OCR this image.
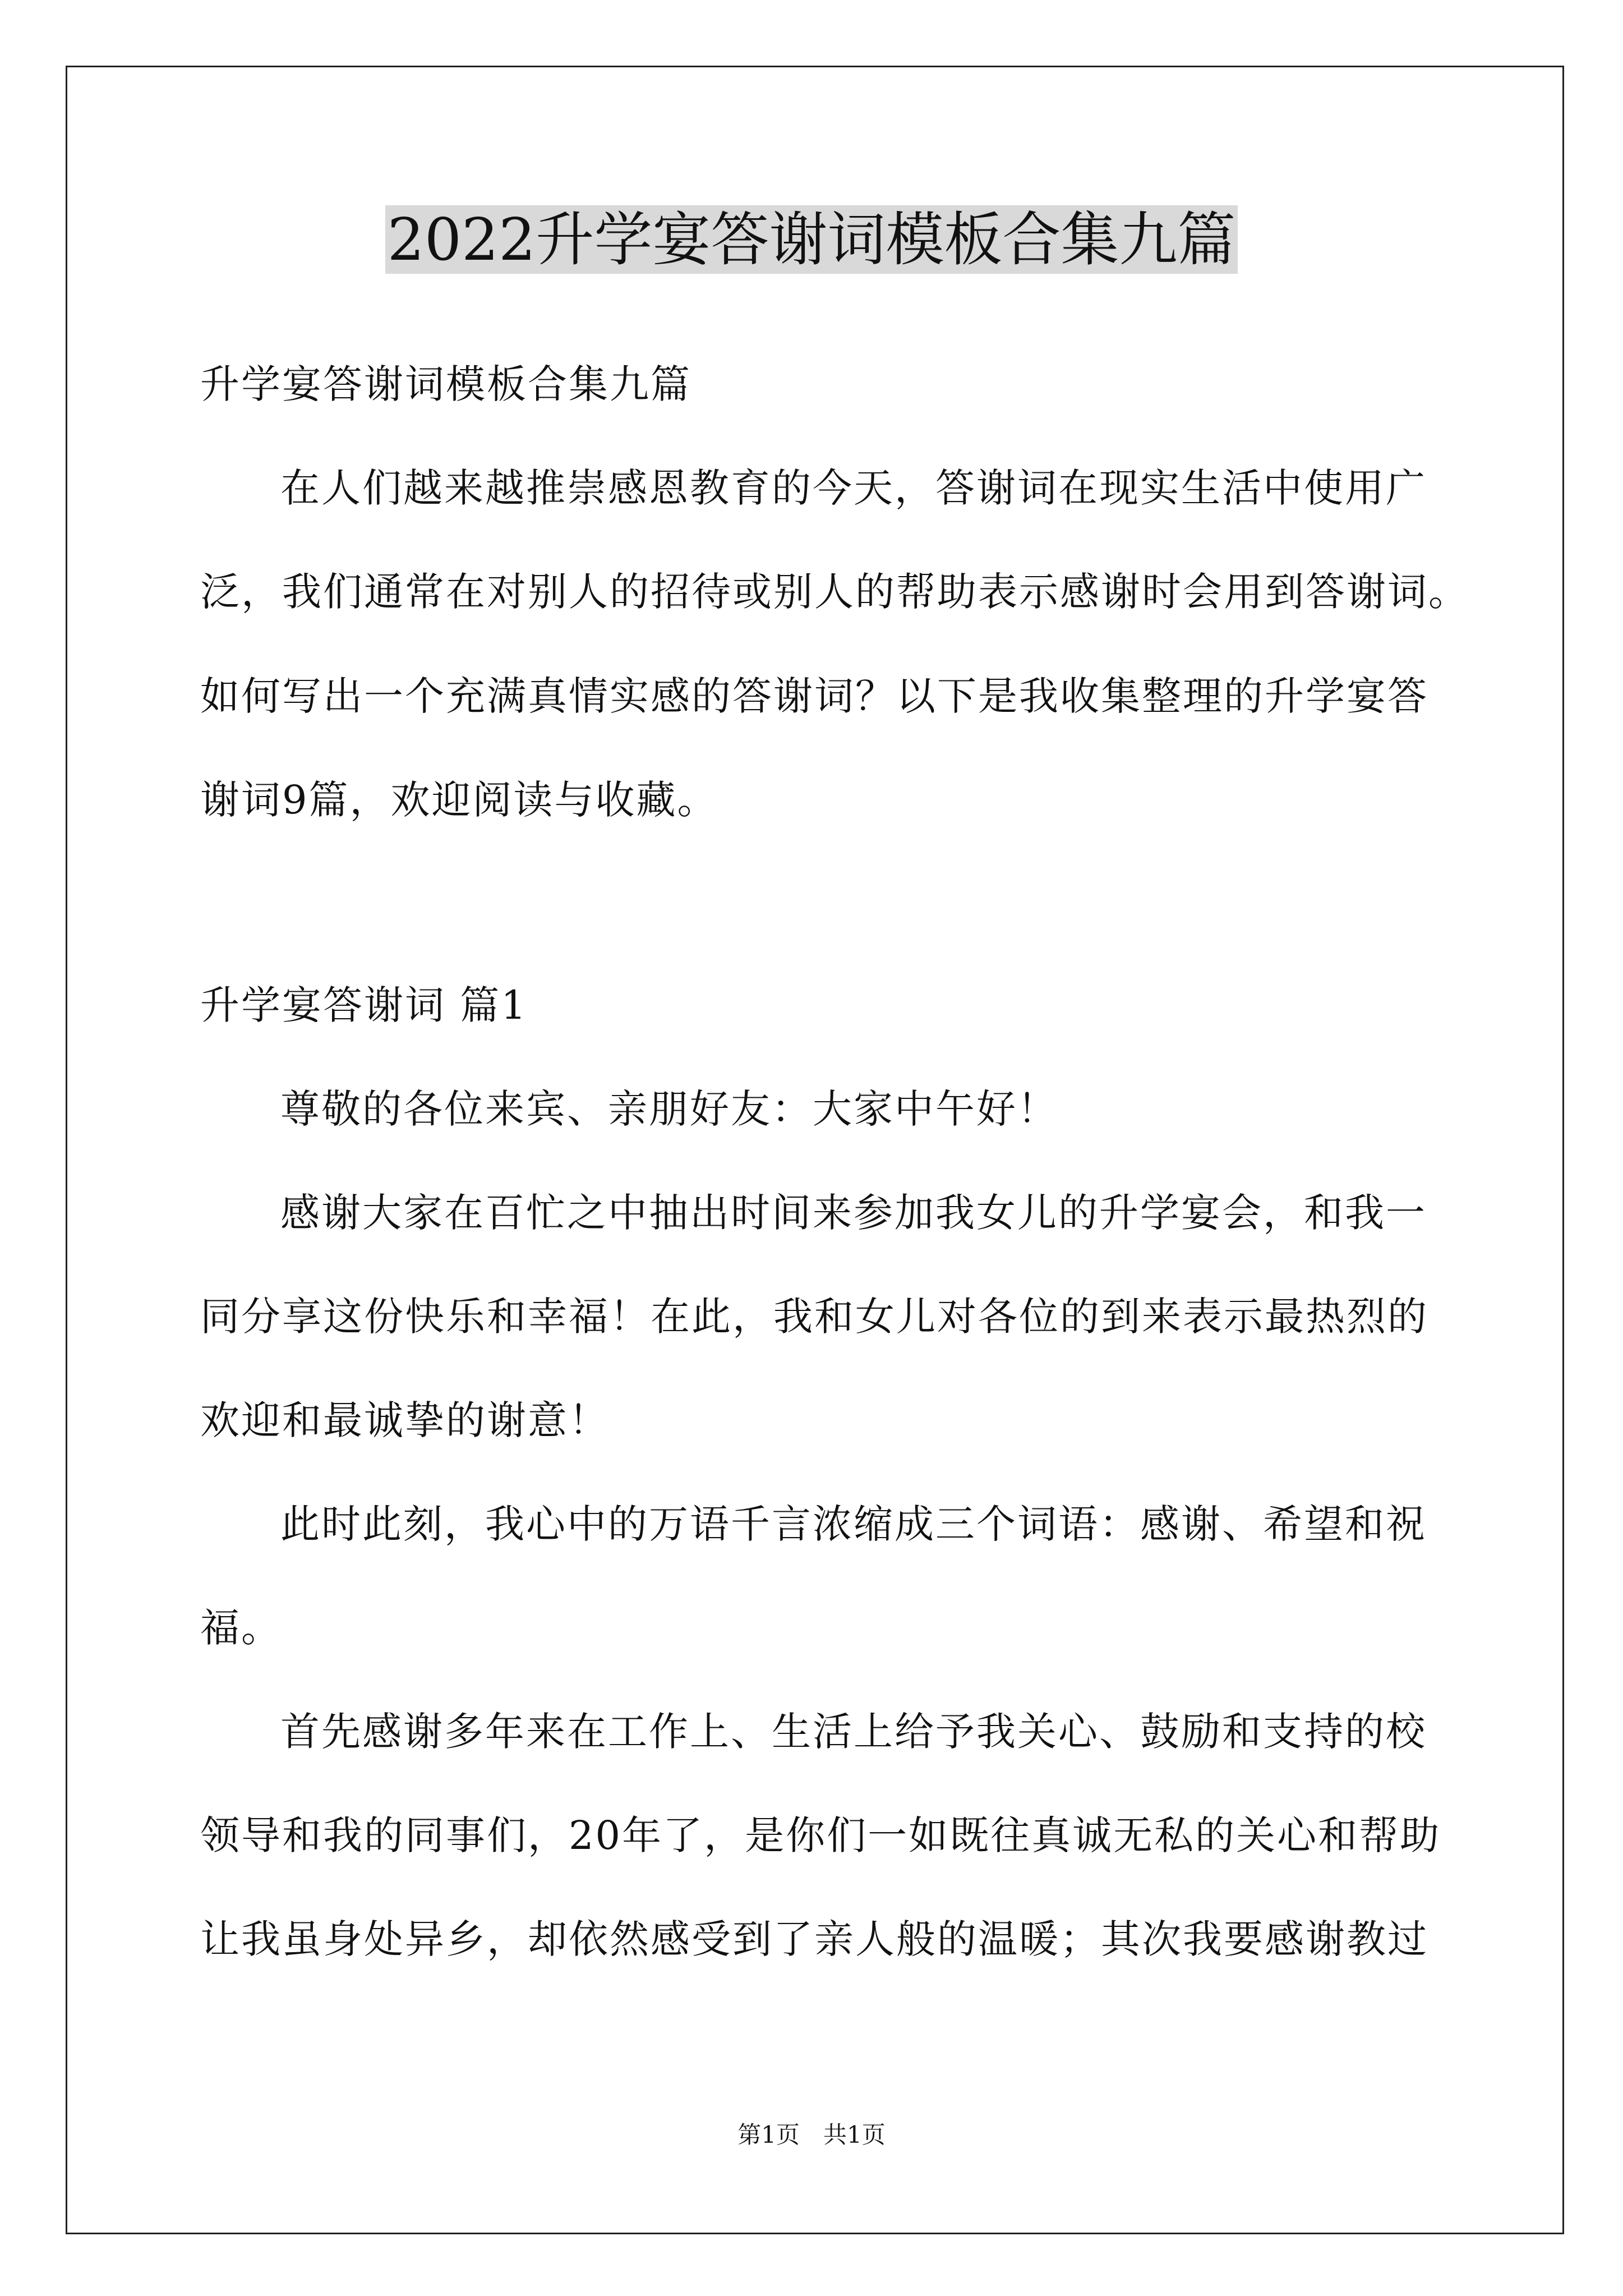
2022升学宴答谢词模板合集九篇
升学宴答谢词模板合集九篇
在人们越来越推崇感恩教育的今天，答谢词在现实生活中使用广
泛，我们通常在对别人的招待或别人的帮助表示感谢时会用到答谢词。
如何写出一个充满真情实感的答谢词？以下是我收集整理的升学宴答
谢词9篇，欢迎阅读与收藏。
升学宴答谢词 篇1
尊敬的各位来宾、亲朋好友：大家中午好！
感谢大家在百忙之中抽出时间来参加我女儿的升学宴会，和我一
同分享这份快乐和幸福！在此，我和女儿对各位的到来表示最热烈的
欢迎和最诚挚的谢意！
此时此刻，我心中的万语千言浓缩成三个词语：感谢、希望和祝
福。
首先感谢多年来在工作上、生活上给予我关心、鼓励和支持的校
领导和我的同事们，20年了，是你们一如既往真诚无私的关心和帮助
让我虽身处异乡，却依然感受到了亲人般的温暖；其次我要感谢教过
第1页　共1页
